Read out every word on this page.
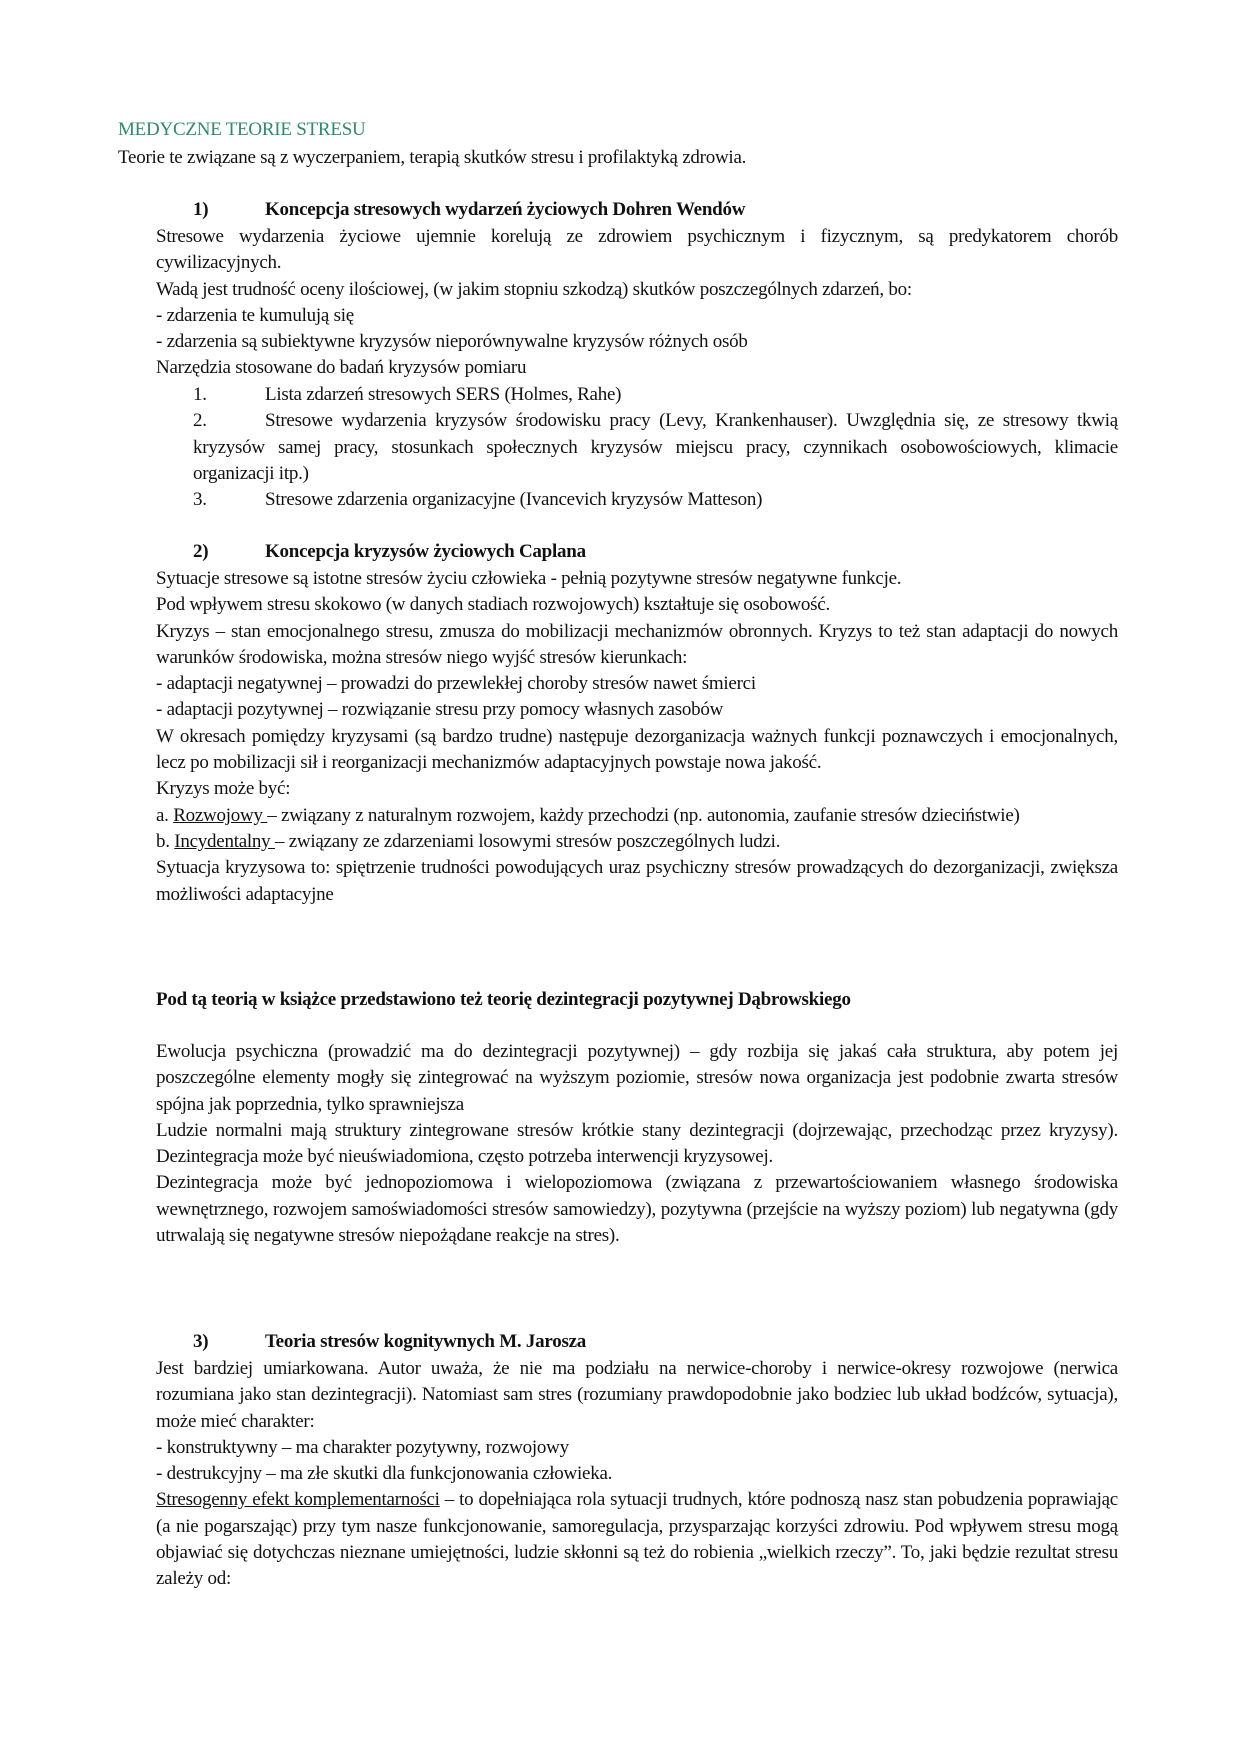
MEDYCZNE TEORIE STRESU
Teorie te związane są z wyczerpaniem, terapią skutków stresu i profilaktyką zdrowia.
1)	Koncepcja stresowych wydarzeń życiowych Dohren Wendów

Stresowe wydarzenia życiowe ujemnie korelują ze zdrowiem psychicznym i fizycznym, są predykatorem chorób cywilizacyjnych.

Wadą jest trudność oceny ilościowej, (w jakim stopniu szkodzą) skutków poszczególnych zdarzeń, bo:

- zdarzenia te kumulują się

- zdarzenia są subiektywne kryzysów nieporównywalne kryzysów różnych osób

Narzędzia stosowane do badań kryzysów pomiaru

1.	Lista zdarzeń stresowych SERS (Holmes, Rahe)

2.	Stresowe wydarzenia kryzysów środowisku pracy (Levy, Krankenhauser). Uwzględnia się, ze stresowy tkwią kryzysów samej pracy, stosunkach społecznych kryzysów miejscu pracy, czynnikach osobowościowych, klimacie organizacji itp.)

3.	Stresowe zdarzenia organizacyjne (Ivancevich kryzysów Matteson)

2)	Koncepcja kryzysów życiowych Caplana

Sytuacje stresowe są istotne stresów życiu człowieka - pełnią pozytywne stresów negatywne funkcje.

Pod wpływem stresu skokowo (w danych stadiach rozwojowych) kształtuje się osobowość.

Kryzys – stan emocjonalnego stresu, zmusza do mobilizacji mechanizmów obronnych. Kryzys to też stan adaptacji do nowych warunków środowiska, można stresów niego wyjść stresów kierunkach:

- adaptacji negatywnej – prowadzi do przewlekłej choroby stresów nawet śmierci

- adaptacji pozytywnej – rozwiązanie stresu przy pomocy własnych zasobów

W okresach pomiędzy kryzysami (są bardzo trudne) następuje dezorganizacja ważnych funkcji poznawczych i emocjonalnych, lecz po mobilizacji sił i reorganizacji mechanizmów adaptacyjnych powstaje nowa jakość.

Kryzys może być:

a. Rozwojowy – związany z naturalnym rozwojem, każdy przechodzi (np. autonomia, zaufanie stresów dzieciństwie)

b. Incydentalny – związany ze zdarzeniami losowymi stresów poszczególnych ludzi.

Sytuacja kryzysowa to: spiętrzenie trudności powodujących uraz psychiczny stresów prowadzących do dezorganizacji, zwiększa możliwości adaptacyjne

Pod tą teorią w książce przedstawiono też teorię dezintegracji pozytywnej Dąbrowskiego

Ewolucja psychiczna (prowadzić ma do dezintegracji pozytywnej) – gdy rozbija się jakaś cała struktura, aby potem jej poszczególne elementy mogły się zintegrować na wyższym poziomie, stresów nowa organizacja jest podobnie zwarta stresów spójna jak poprzednia, tylko sprawniejsza

Ludzie normalni mają struktury zintegrowane stresów krótkie stany dezintegracji (dojrzewając, przechodząc przez kryzysy). Dezintegracja może być nieuświadomiona, często potrzeba interwencji kryzysowej.

Dezintegracja może być jednopoziomowa i wielopoziomowa (związana z przewartościowaniem własnego środowiska wewnętrznego, rozwojem samoświadomości stresów samowiedzy), pozytywna (przejście na wyższy poziom) lub negatywna (gdy utrwalają się negatywne stresów niepożądane reakcje na stres).

3)	Teoria stresów kognitywnych M. Jarosza

Jest bardziej umiarkowana. Autor uważa, że nie ma podziału na nerwice-choroby i nerwice-okresy rozwojowe (nerwica rozumiana jako stan dezintegracji). Natomiast sam stres (rozumiany prawdopodobnie jako bodziec lub układ bodźców, sytuacja), może mieć charakter:

- konstruktywny – ma charakter pozytywny, rozwojowy

- destrukcyjny – ma złe skutki dla funkcjonowania człowieka.

Stresogenny efekt komplementarności – to dopełniająca rola sytuacji trudnych, które podnoszą nasz stan pobudzenia poprawiając (a nie pogarszając) przy tym nasze funkcjonowanie, samoregulacja, przysparzając korzyści zdrowiu. Pod wpływem stresu mogą objawiać się dotychczas nieznane umiejętności, ludzie skłonni są też do robienia „wielkich rzeczy”. To, jaki będzie rezultat stresu zależy od:
